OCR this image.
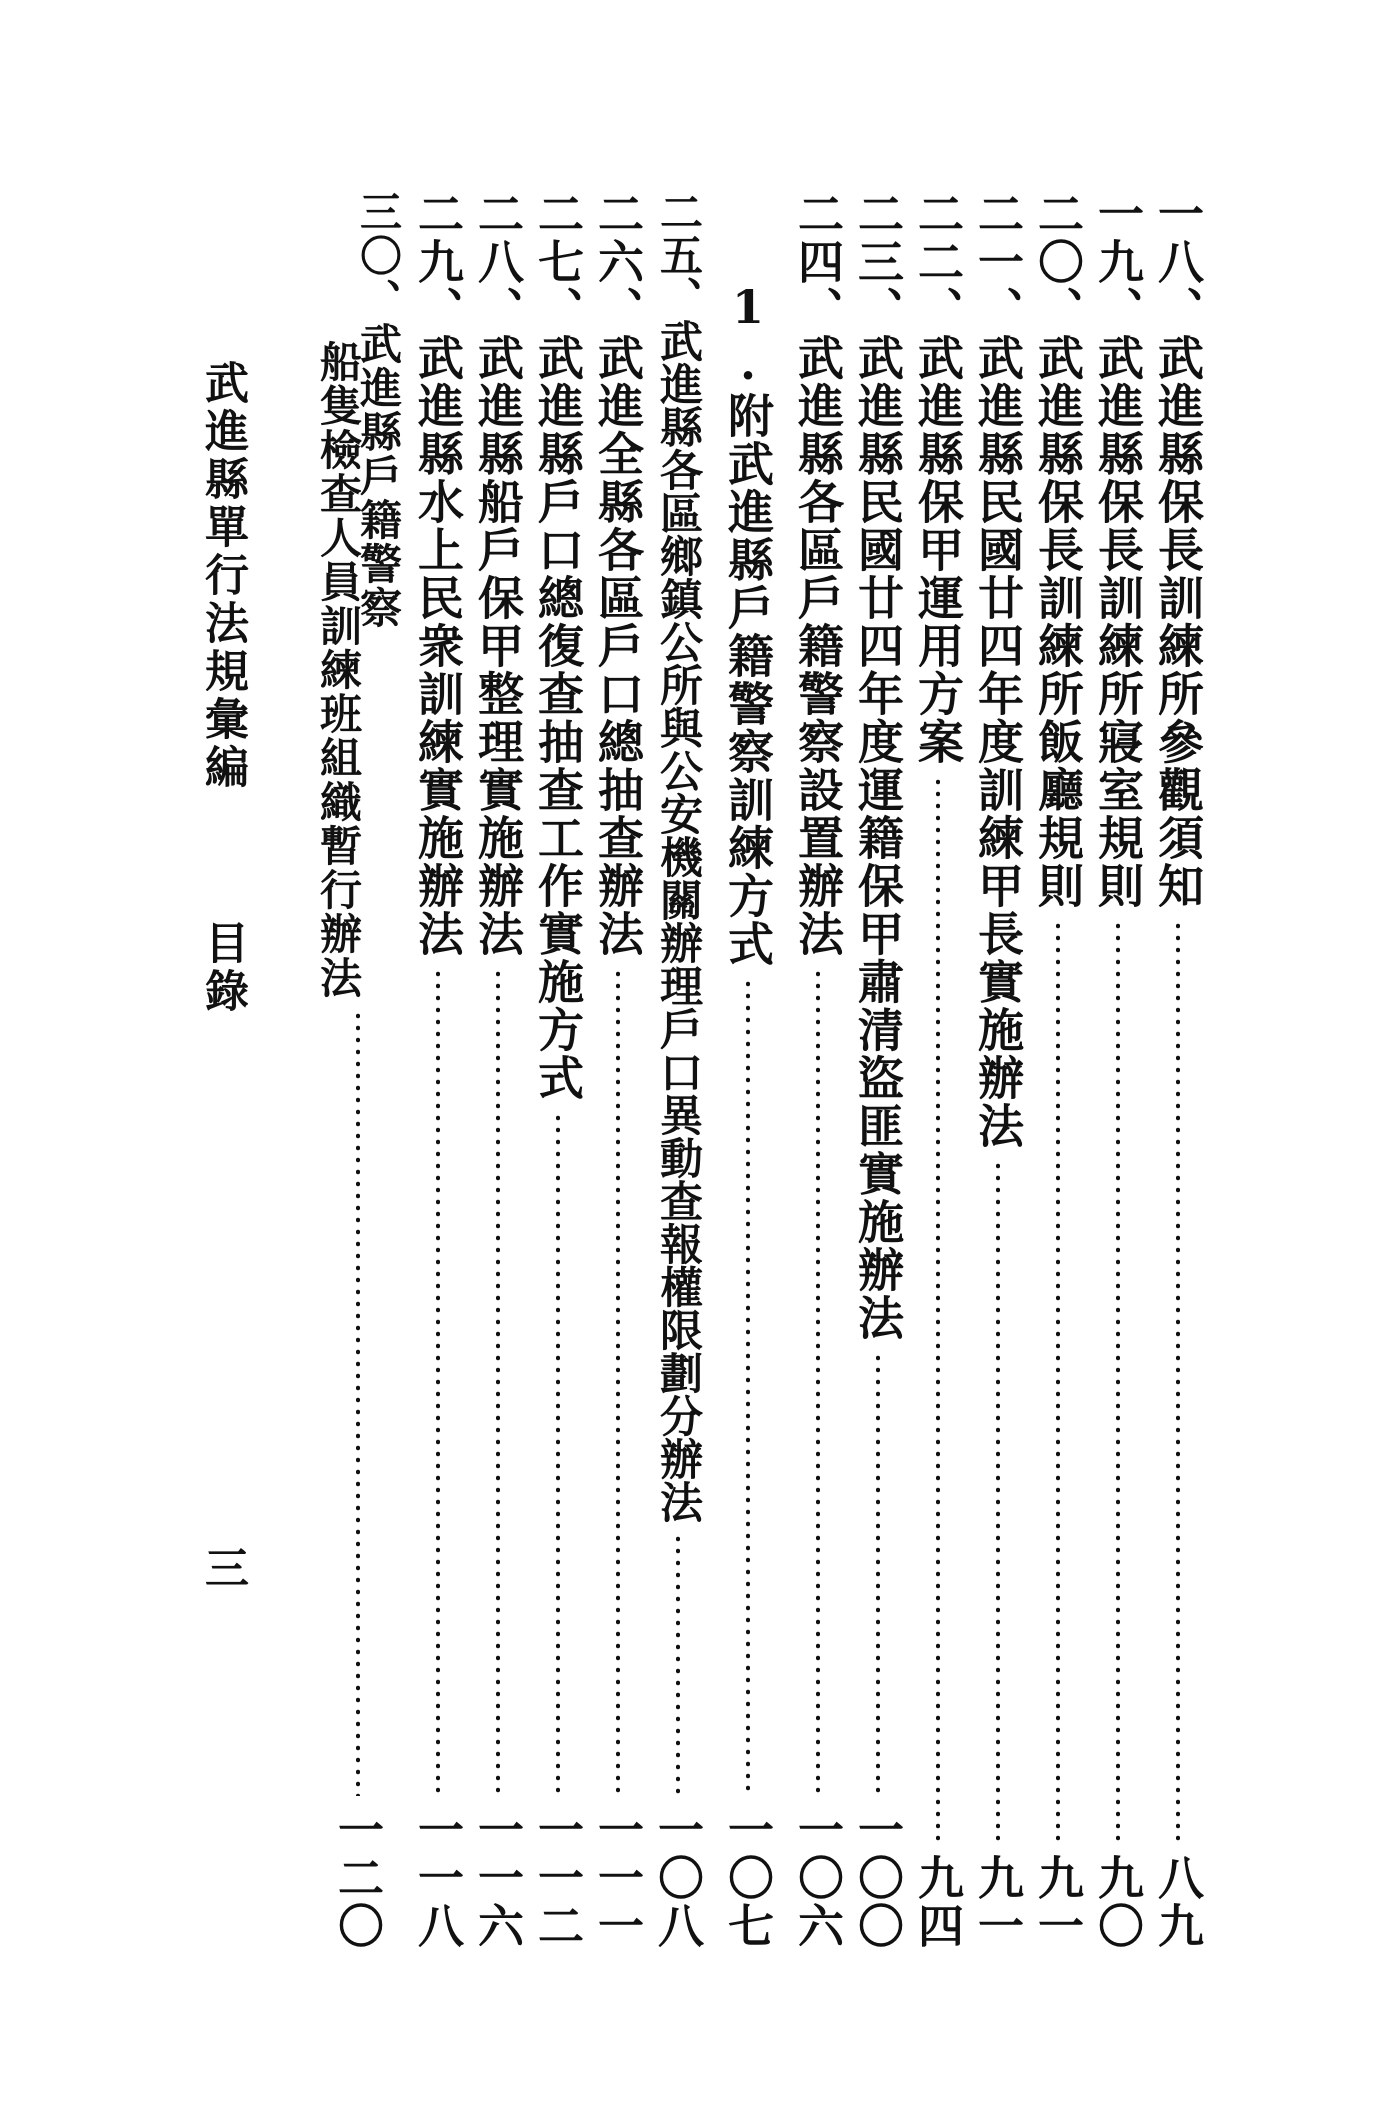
一八、武進縣保長訓練所參觀須知
八九
一九、武進縣保長訓練所寢室規則
九〇
二〇、武進縣保長訓練所飯廳規則
九一
二一、武進縣民國廿四年度訓練甲長實施辦法
九一
二二、武進縣保甲運用方案
九四
二三、武進縣民國廿四年度運籍保甲肅清盜匪實施辦法
一〇〇
二四、武進縣各區戶籍警察設置辦法
一〇六
1.附武進縣戶籍警察訓練方式
一〇七
二五、武進縣各區鄉鎮公所與公安機關辦理戶口異動查報權限劃分辦法
一〇八
二六、武進全縣各區戶口總抽查辦法
一一一
二七、武進縣戶口總復查抽查工作實施方式
一一二
二八、武進縣船戶保甲整理實施辦法
一一六
二九、武進縣水上民衆訓練實施辦法
一一八
三〇、武進縣戶籍警察
船隻檢查人員訓練班組織暫行辦法
一二〇
武進縣單行法規彙編
目錄
三
